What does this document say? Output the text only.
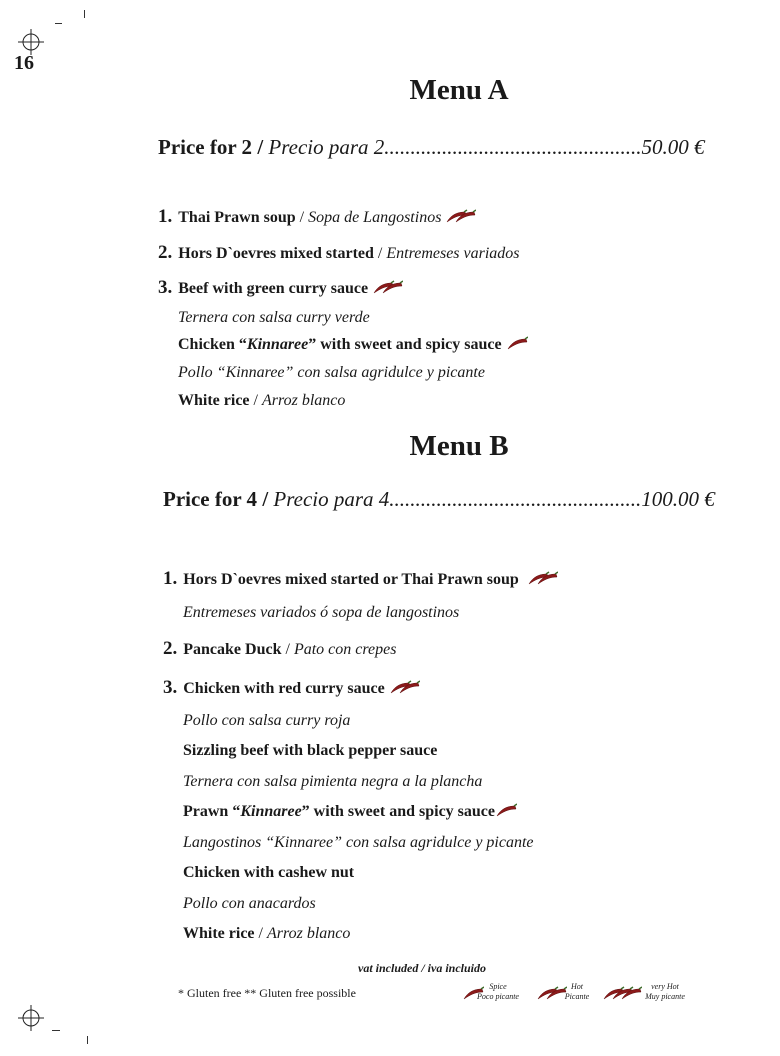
16
Menu A
Price for 2 / Precio para 2.................................................50.00 €
1. Thai Prawn soup / Sopa de Langostinos
2. Hors D`oevres mixed started / Entremeses variados
3. Beef with green curry sauce
Ternera con salsa curry verde
Chicken “Kinnaree” with sweet and spicy sauce
Pollo “Kinnaree” con salsa agridulce y picante
White rice / Arroz blanco
Menu B
Price for 4 / Precio para 4................................................100.00 €
1. Hors D`oevres mixed started or Thai Prawn soup
Entremeses variados ó sopa de langostinos
2. Pancake Duck / Pato con crepes
3. Chicken with red curry sauce
Pollo con salsa curry roja
Sizzling beef with black pepper sauce
Ternera con salsa pimienta negra a la plancha
Prawn “Kinnaree” with sweet and spicy sauce
Langostinos “Kinnaree” con salsa agridulce y picante
Chicken with cashew nut
Pollo con anacardos
White rice / Arroz blanco
vat included / iva incluido
* Gluten free ** Gluten free possible	Spice
Poco picante
Hot
Picante
very Hot
Muy picante
